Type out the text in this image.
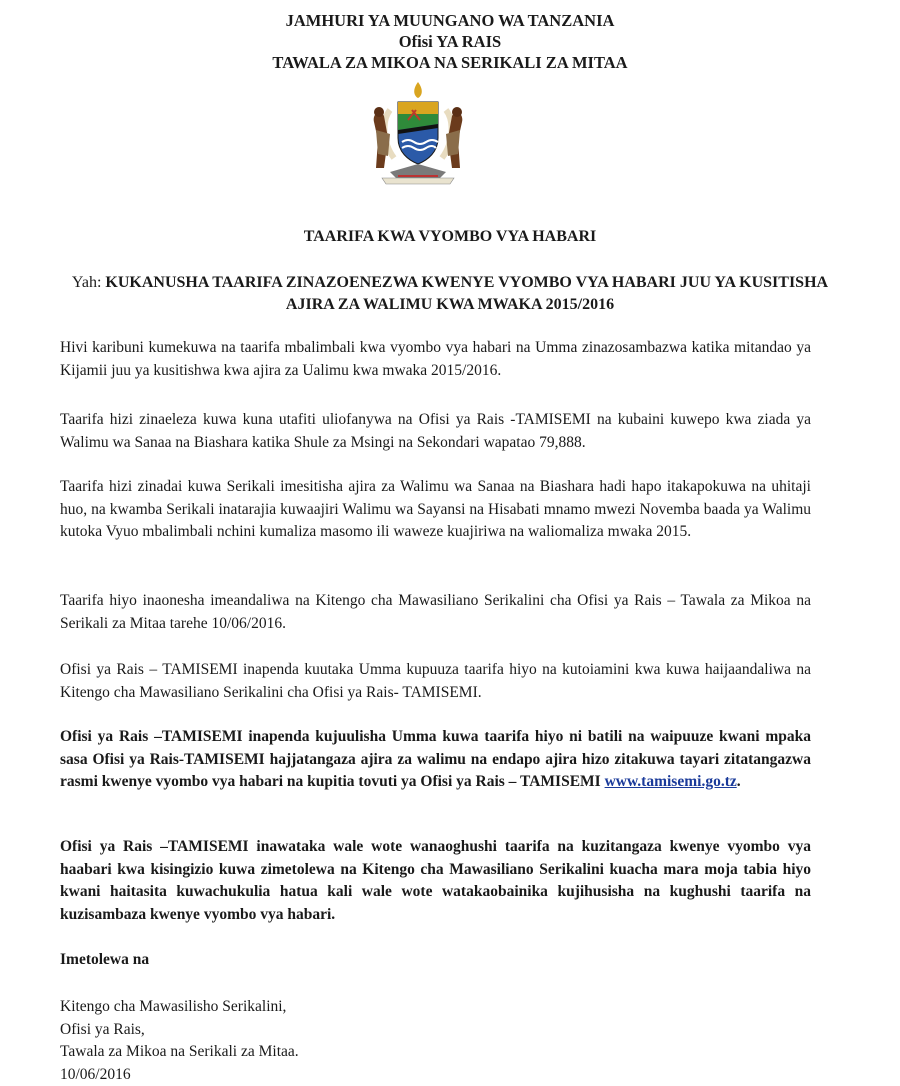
JAMHURI YA MUUNGANO WA TANZANIA
Ofisi YA RAIS
TAWALA ZA MIKOA NA SERIKALI ZA MITAA
TAARIFA KWA VYOMBO VYA HABARI
Yah: KUKANUSHA TAARIFA ZINAZOENEZWA KWENYE VYOMBO VYA HABARI JUU YA KUSITISHA AJIRA ZA WALIMU KWA MWAKA 2015/2016
Hivi karibuni kumekuwa na taarifa mbalimbali kwa vyombo vya habari na Umma zinazosambazwa katika mitandao ya Kijamii juu ya kusitishwa kwa ajira za Ualimu kwa mwaka 2015/2016.
Taarifa hizi zinaeleza kuwa kuna utafiti uliofanywa na Ofisi ya Rais -TAMISEMI na kubaini kuwepo kwa ziada ya Walimu wa Sanaa na Biashara katika Shule za Msingi na Sekondari wapatao 79,888.
Taarifa hizi zinadai kuwa Serikali imesitisha ajira za Walimu wa Sanaa na Biashara hadi hapo itakapokuwa na uhitaji huo, na kwamba Serikali inatarajia kuwaajiri Walimu wa Sayansi na Hisabati mnamo mwezi Novemba baada ya Walimu kutoka Vyuo mbalimbali nchini kumaliza masomo ili waweze kuajiriwa na waliomaliza mwaka 2015.
Taarifa hiyo inaonesha imeandaliwa na Kitengo cha Mawasiliano Serikalini cha Ofisi ya Rais – Tawala za Mikoa na Serikali za Mitaa tarehe 10/06/2016.
Ofisi ya Rais – TAMISEMI inapenda kuutaka Umma kupuuza taarifa hiyo na kutoiamini kwa kuwa haijaandaliwa na Kitengo cha Mawasiliano Serikalini cha Ofisi ya Rais- TAMISEMI.
Ofisi ya Rais –TAMISEMI inapenda kujuulisha Umma kuwa taarifa hiyo ni batili na waipuuze kwani mpaka sasa Ofisi ya Rais-TAMISEMI hajjatangaza ajira za walimu na endapo ajira hizo zitakuwa tayari zitatangazwa rasmi kwenye vyombo vya habari na kupitia tovuti ya Ofisi ya Rais – TAMISEMI www.tamisemi.go.tz.
Ofisi ya Rais –TAMISEMI inawataka wale wote wanaoghushi taarifa na kuzitangaza kwenye vyombo vya haabari kwa kisingizio kuwa zimetolewa na Kitengo cha Mawasiliano Serikalini kuacha mara moja tabia hiyo kwani haitasita kuwachukulia hatua kali wale wote watakaobainika kujihusisha na kughushi taarifa na kuzisambaza kwenye vyombo vya habari.
Imetolewa na
Kitengo cha Mawasilisho Serikalini,
Ofisi ya Rais,
Tawala za Mikoa na Serikali za Mitaa.
10/06/2016
